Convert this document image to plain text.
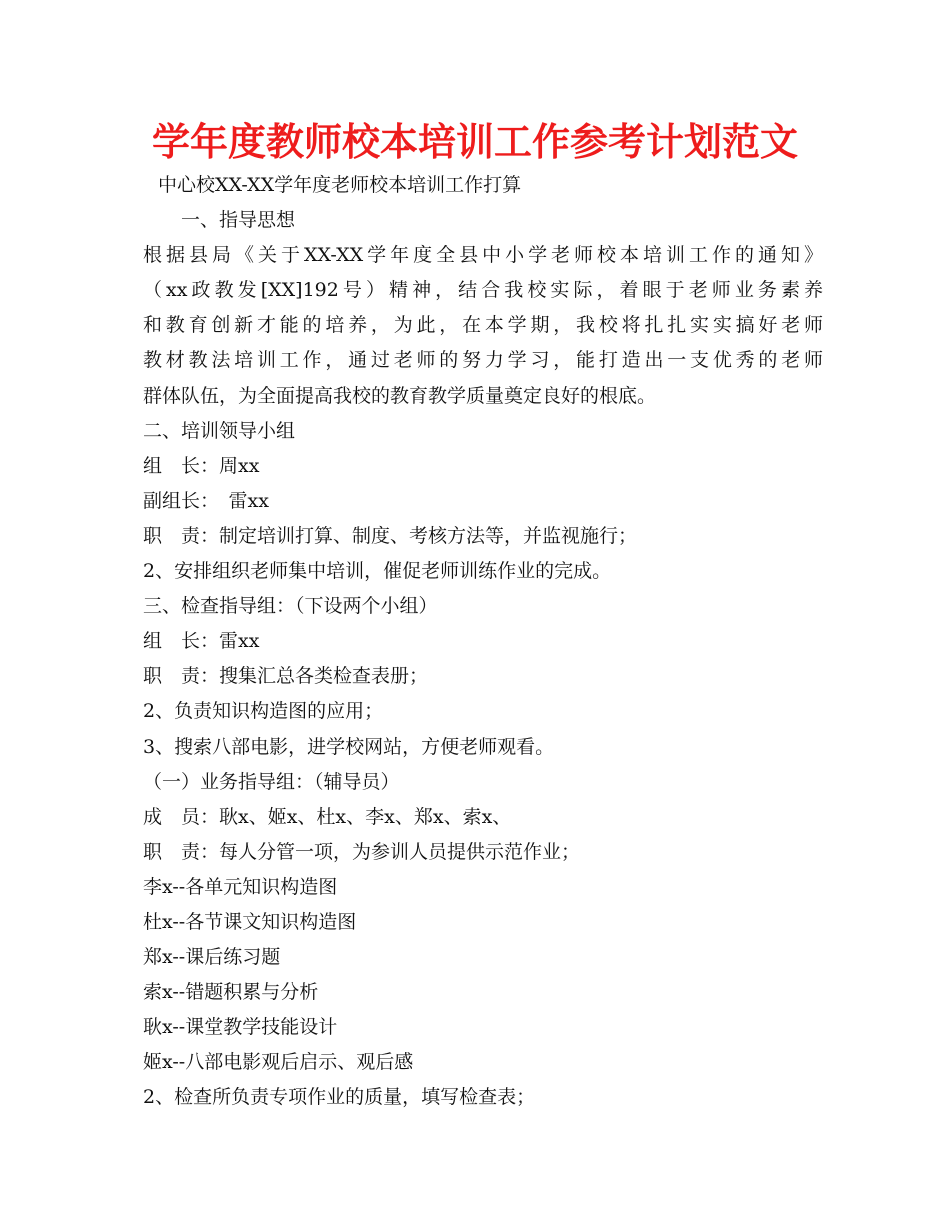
学年度教师校本培训工作参考计划范文

中心校XX-XX学年度老师校本培训工作打算

一、指导思想

根据县局《关于XX-XX学年度全县中小学老师校本培训工作的通知》

（xx政教发[XX]192号）精神，结合我校实际，着眼于老师业务素养

和教育创新才能的培养，为此，在本学期，我校将扎扎实实搞好老师

教材教法培训工作，通过老师的努力学习，能打造出一支优秀的老师

群体队伍，为全面提高我校的教育教学质量奠定良好的根底。

二、培训领导小组

组　长：周xx

副组长：　雷xx

职　责：制定培训打算、制度、考核方法等，并监视施行；

2、安排组织老师集中培训，催促老师训练作业的完成。

三、检查指导组：（下设两个小组）

组　长：雷xx

职　责：搜集汇总各类检查表册；

2、负责知识构造图的应用；

3、搜索八部电影，进学校网站，方便老师观看。

（一）业务指导组：（辅导员）

成　员：耿x、姬x、杜x、李x、郑x、索x、

职　责：每人分管一项，为参训人员提供示范作业；

李x--各单元知识构造图

杜x--各节课文知识构造图

郑x--课后练习题

索x--错题积累与分析

耿x--课堂教学技能设计

姬x--八部电影观后启示、观后感

2、检查所负责专项作业的质量，填写检查表；
